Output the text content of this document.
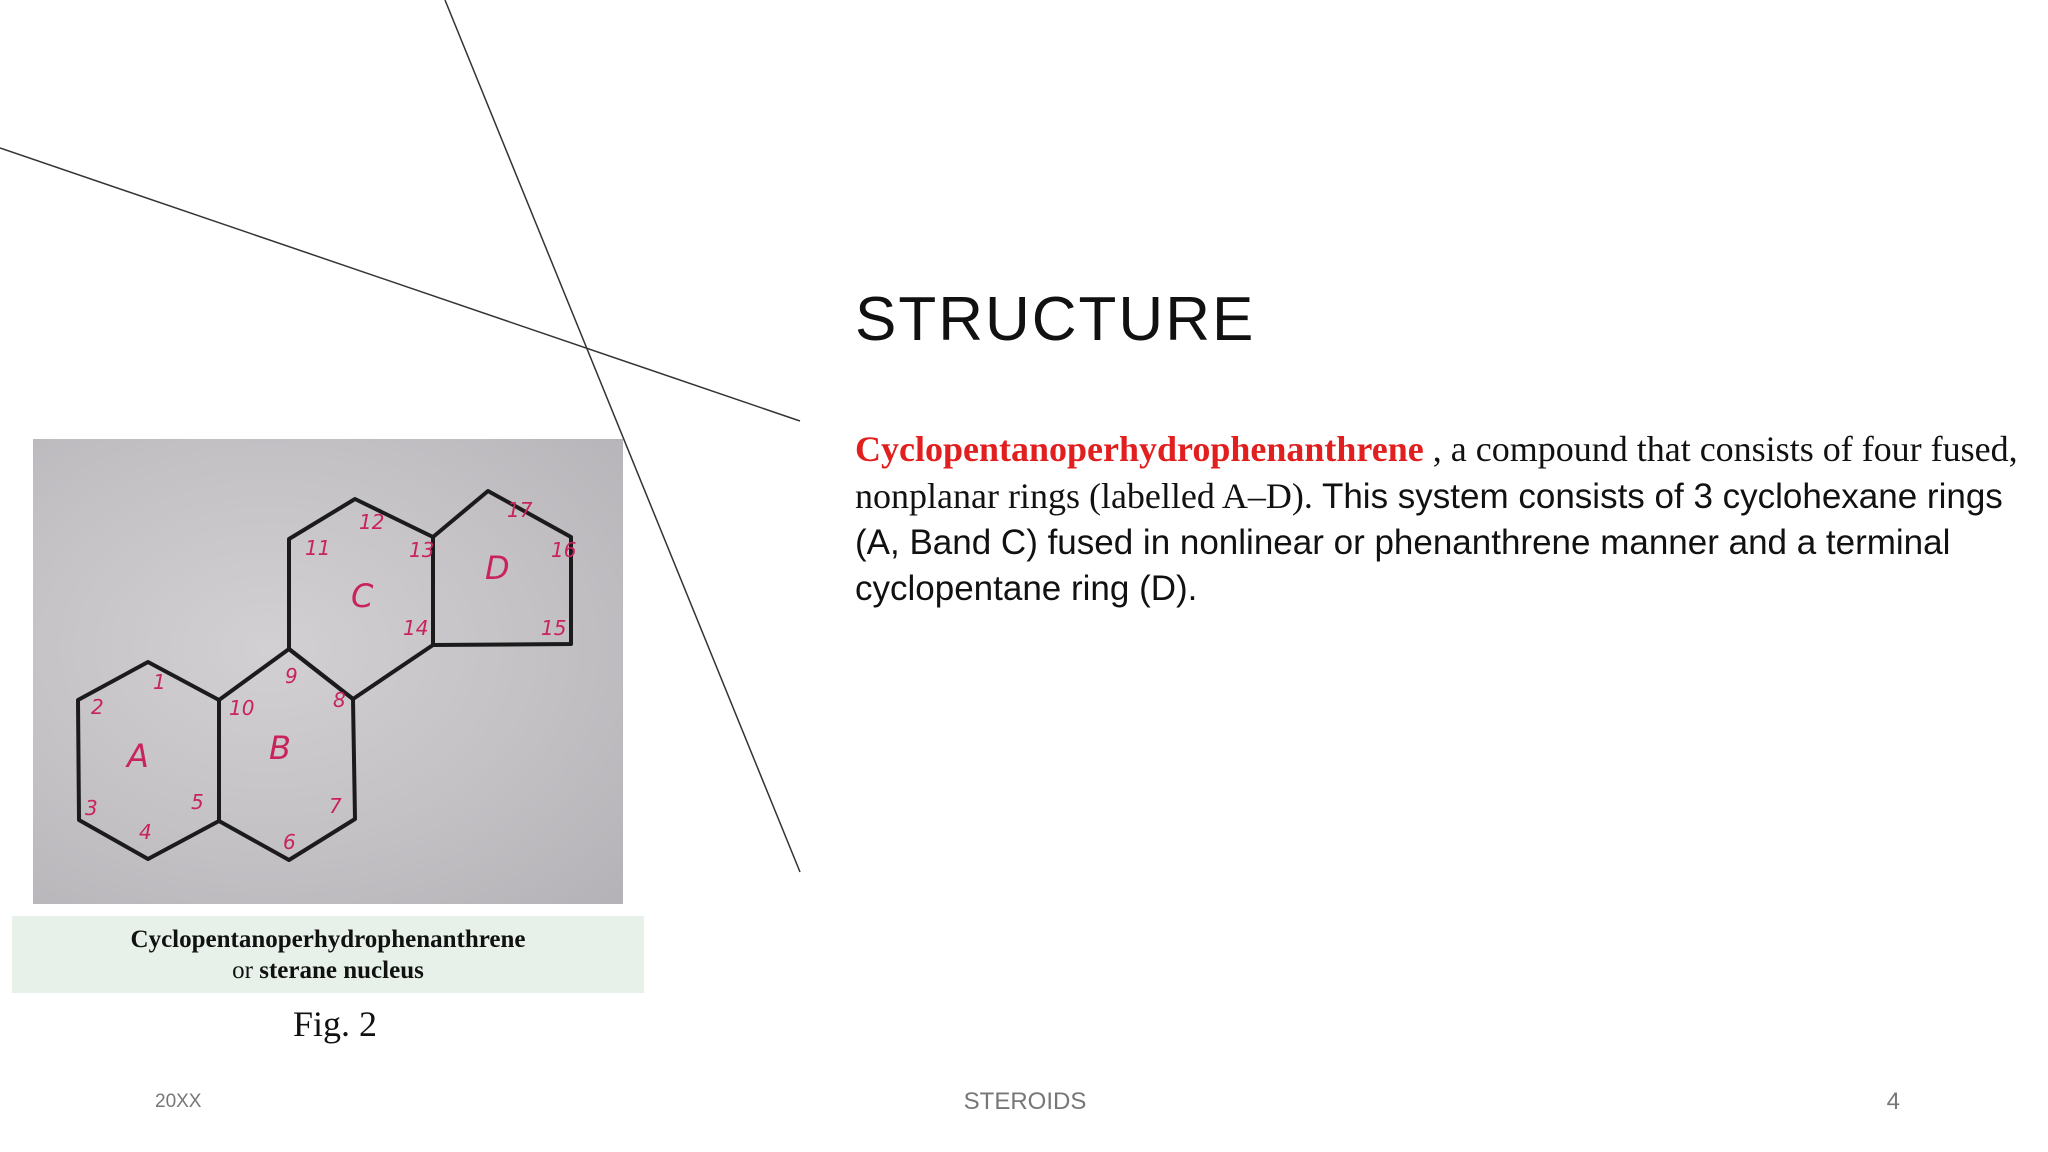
A	B
C
D
1
2
3
4
5
6
7
8
9
10
11
12
13
14	15
16
17
Cyclopentanoperhydrophenanthrene
or sterane nucleus
Fig. 2
STRUCTURE
Cyclopentanoperhydrophenanthrene , a compound that consists of four fused, nonplanar rings (labelled A–D). This system consists of 3 cyclohexane rings (A, Band C) fused in nonlinear or phenanthrene manner and a terminal cyclopentane ring (D).
20XX	STEROIDS	4
